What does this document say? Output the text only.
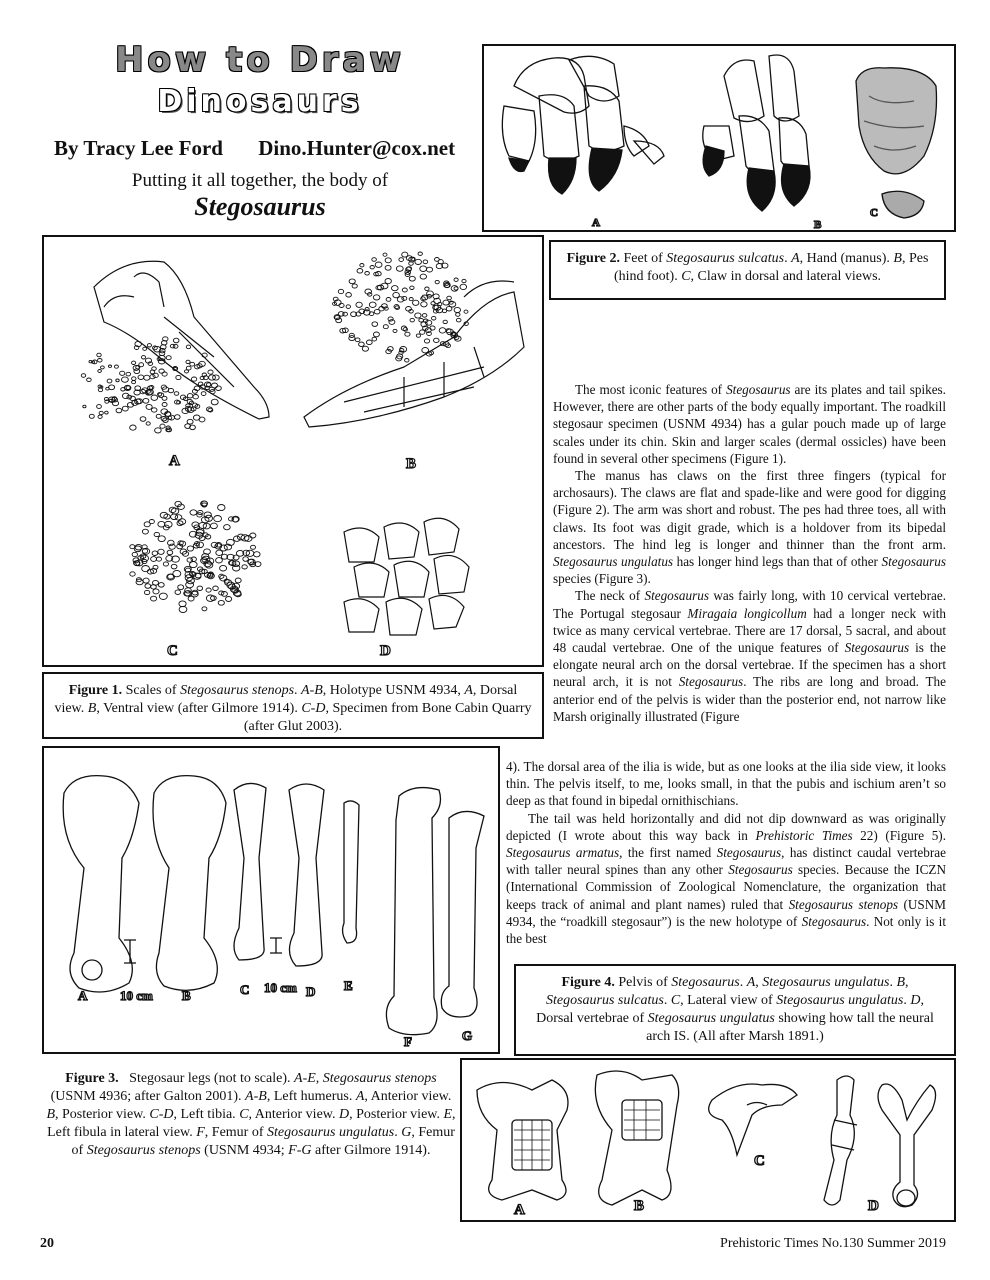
How to Draw
Dinosaurs
By Tracy Lee Ford Dino.Hunter@cox.net
Putting it all together, the body of
Stegosaurus
A	B
C
Figure 2. Feet of Stegosaurus sulcatus. A, Hand (manus). B, Pes (hind foot). C, Claw in dorsal and lateral views.
A	B
C	D
Figure 1. Scales of Stegosaurus stenops. A-B, Holotype USNM 4934, A, Dorsal view. B, Ventral view (after Gilmore 1914). C-D, Specimen from Bone Cabin Quarry (after Glut 2003).
A	10 cm B	C 10 cm D E
F	G
Figure 3.   Stegosaur legs (not to scale). A-E, Stegosaurus stenops (USNM 4936; after Galton 2001). A-B, Left humerus. A, Anterior view. B, Posterior view. C-D, Left tibia. C, Anterior view. D, Posterior view. E, Left fibula in lateral view. F, Femur of Stegosaurus ungulatus. G, Femur of Stegosaurus stenops (USNM 4934; F-G after Gilmore 1914).
Figure 4. Pelvis of Stegosaurus. A, Stegosaurus ungulatus. B, Stegosaurus sulcatus. C, Lateral view of Stegosaurus ungulatus. D, Dorsal vertebrae of Stegosaurus ungulatus showing how tall the neural arch IS. (All after Marsh 1891.)
A	B
C
D

The most iconic features of Stegosaurus are its plates and tail spikes. However, there are other parts of the body equally important. The roadkill stegosaur specimen (USNM 4934) has a gular pouch made up of large scales under its chin. Skin and larger scales (dermal ossicles) have been found in several other specimens (Figure 1).

The manus has claws on the first three fingers (typical for archosaurs). The claws are flat and spade-like and were good for digging (Figure 2). The arm was short and robust. The pes had three toes, all with claws. Its foot was digit grade, which is a holdover from its bipedal ancestors. The hind leg is longer and thinner than the front arm. Stegosaurus ungulatus has longer hind legs than that of other Stegosaurus species (Figure 3).

The neck of Stegosaurus was fairly long, with 10 cervical vertebrae. The Portugal stegosaur Miragaia longicollum had a longer neck with twice as many cervical vertebrae. There are 17 dorsal, 5 sacral, and about 48 caudal vertebrae. One of the unique features of Stegosaurus is the elongate neural arch on the dorsal vertebrae. If the specimen has a short neural arch, it is not Stegosaurus. The ribs are long and broad. The anterior end of the pelvis is wider than the posterior end, not narrow like Marsh originally illustrated (Figure

4). The dorsal area of the ilia is wide, but as one looks at the ilia side view, it looks thin. The pelvis itself, to me, looks small, in that the pubis and ischium aren’t so deep as that found in bipedal ornithischians.

The tail was held horizontally and did not dip downward as was originally depicted (I wrote about this way back in Prehistoric Times 22) (Figure 5). Stegosaurus armatus, the first named Stegosaurus, has distinct caudal vertebrae with taller neural spines than any other Stegosaurus species. Because the ICZN (International Commission of Zoological Nomenclature, the organization that keeps track of animal and plant names) ruled that Stegosaurus stenops (USNM 4934, the “roadkill stegosaur”) is the new holotype of Stegosaurus. Not only is it the best

20	Prehistoric Times No.130 Summer 2019
